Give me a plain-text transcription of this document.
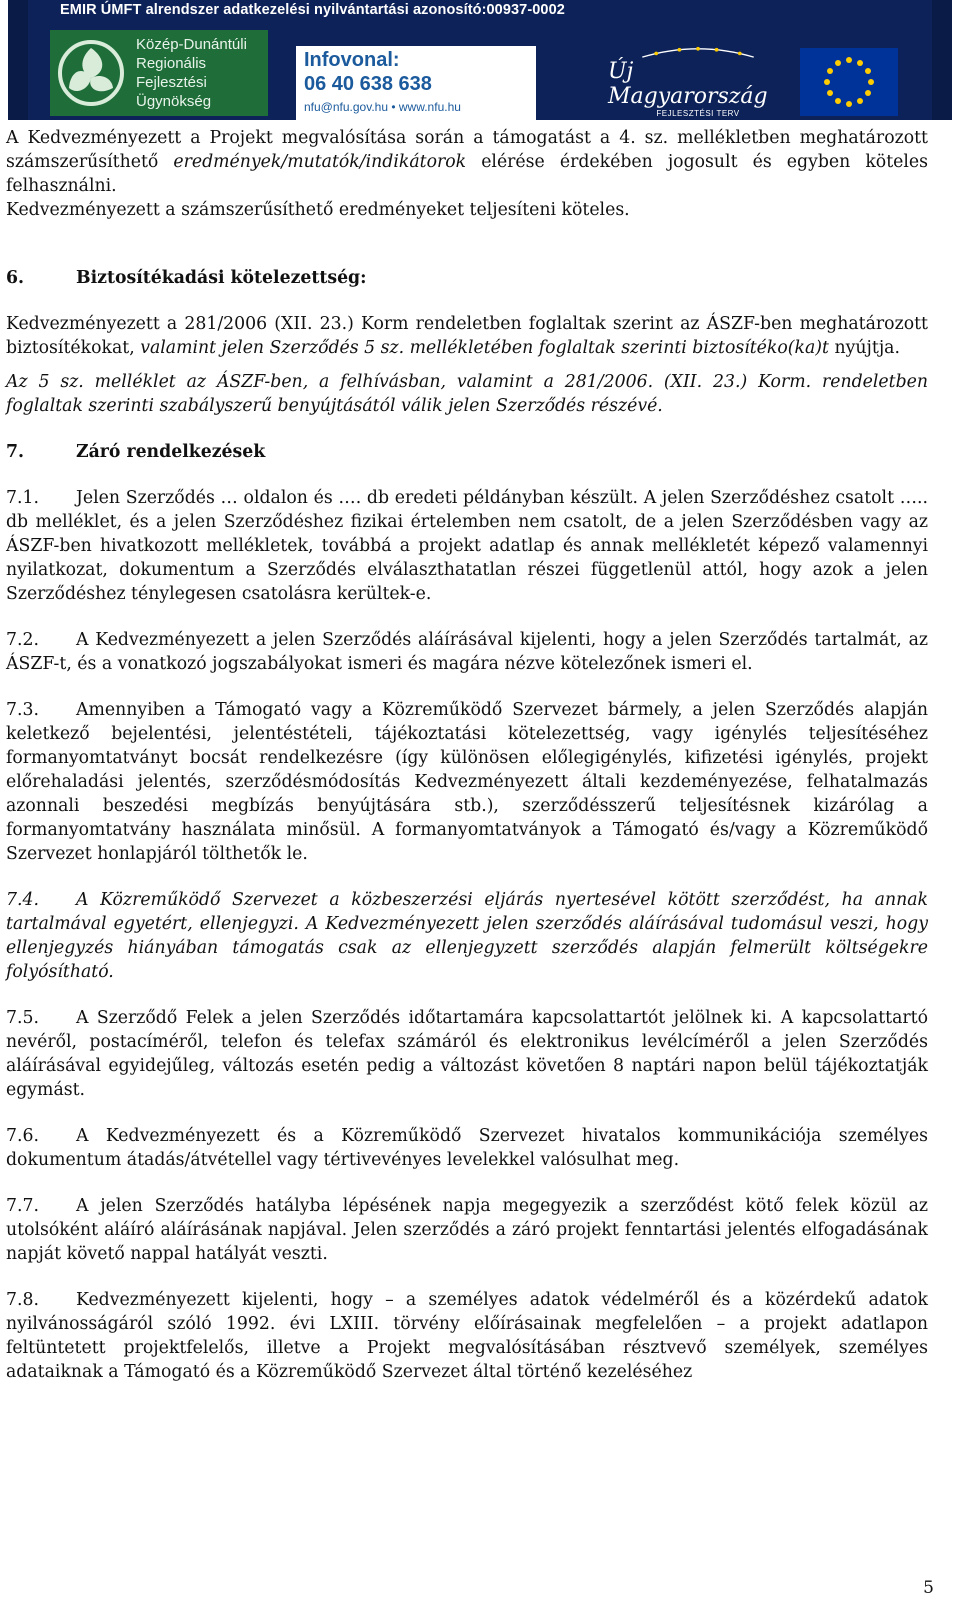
EMIR ÚMFT alrendszer adatkezelési nyilvántartási azonosító:00937-0002
Közép-Dunántúli
Regionális
Fejlesztési
Ügynökség
Infovonal:
06 40 638 638
nfu@nfu.gov.hu • www.nfu.hu
Új Magyarország
FEJLESZTÉSI TERV

A Kedvezményezett a Projekt megvalósítása során a támogatást a 4. sz. mellékletben meghatározott számszerűsíthető eredmények/mutatók/indikátorok elérése érdekében jogosult és egyben köteles felhasználni.

Kedvezményezett a számszerűsíthető eredményeket teljesíteni köteles.

6.	Biztosítékadási kötelezettség:

Kedvezményezett a 281/2006 (XII. 23.) Korm rendeletben foglaltak szerint az ÁSZF-ben meghatározott biztosítékokat, valamint jelen Szerződés 5 sz. mellékletében foglaltak szerinti biztosítéko(ka)t nyújtja.

Az 5 sz. melléklet az ÁSZF-ben, a felhívásban, valamint a 281/2006. (XII. 23.) Korm. rendeletben foglaltak szerinti szabályszerű benyújtásától válik jelen Szerződés részévé.

7.	Záró rendelkezések

7.1. Jelen Szerződés … oldalon és …. db eredeti példányban készült. A jelen Szerződéshez csatolt ….. db melléklet, és a jelen Szerződéshez fizikai értelemben nem csatolt, de a jelen Szerződésben vagy az ÁSZF-ben hivatkozott mellékletek, továbbá a projekt adatlap és annak mellékletét képező valamennyi nyilatkozat, dokumentum a Szerződés elválaszthatatlan részei függetlenül attól, hogy azok a jelen Szerződéshez ténylegesen csatolásra kerültek-e.

7.2. A Kedvezményezett a jelen Szerződés aláírásával kijelenti, hogy a jelen Szerződés tartalmát, az ÁSZF-t, és a vonatkozó jogszabályokat ismeri és magára nézve kötelezőnek ismeri el.

7.3. Amennyiben a Támogató vagy a Közreműködő Szervezet bármely, a jelen Szerződés alapján keletkező bejelentési, jelentéstételi, tájékoztatási kötelezettség, vagy igénylés teljesítéséhez formanyomtatványt bocsát rendelkezésre (így különösen előlegigénylés, kifizetési igénylés, projekt előrehaladási jelentés, szerződésmódosítás Kedvezményezett általi kezdeményezése, felhatalmazás azonnali beszedési megbízás benyújtására stb.), szerződésszerű teljesítésnek kizárólag a formanyomtatvány használata minősül. A formanyomtatványok a Támogató és/vagy a Közreműködő Szervezet honlapjáról tölthetők le.

7.4. A Közreműködő Szervezet a közbeszerzési eljárás nyertesével kötött szerződést, ha annak tartalmával egyetért, ellenjegyzi. A Kedvezményezett jelen szerződés aláírásával tudomásul veszi, hogy ellenjegyzés hiányában támogatás csak az ellenjegyzett szerződés alapján felmerült költségekre folyósítható.

7.5. A Szerződő Felek a jelen Szerződés időtartamára kapcsolattartót jelölnek ki. A kapcsolattartó nevéről, postacíméről, telefon és telefax számáról és elektronikus levélcíméről a jelen Szerződés aláírásával egyidejűleg, változás esetén pedig a változást követően 8 naptári napon belül tájékoztatják egymást.

7.6. A Kedvezményezett és a Közreműködő Szervezet hivatalos kommunikációja személyes dokumentum átadás/átvétellel vagy tértivevényes levelekkel valósulhat meg.

7.7. A jelen Szerződés hatályba lépésének napja megegyezik a szerződést kötő felek közül az utolsóként aláíró aláírásának napjával. Jelen szerződés a záró projekt fenntartási jelentés elfogadásának napját követő nappal hatályát veszti.

7.8. Kedvezményezett kijelenti, hogy – a személyes adatok védelméről és a közérdekű adatok nyilvánosságáról szóló 1992. évi LXIII. törvény előírásainak megfelelően – a projekt adatlapon feltüntetett projektfelelős, illetve a Projekt megvalósításában résztvevő személyek, személyes adataiknak a Támogató és a Közreműködő Szervezet által történő kezeléséhez

5
